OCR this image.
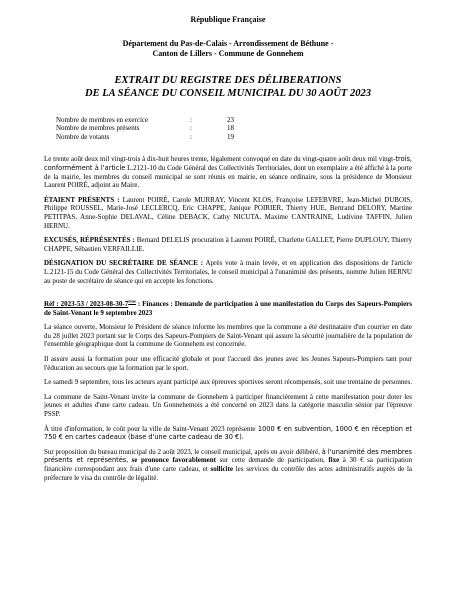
République Française
Département du Pas-de-Calais - Arrondissement de Béthune -
Canton de Lillers - Commune de Gonnehem
EXTRAIT DU REGISTRE DES DÉLIBERATIONS
DE LA SÉANCE DU CONSEIL MUNICIPAL DU 30 AOÛT 2023
Nombre de membres en exercice	:	23
Nombre de membres présents	:	18
Nombre de votants	:	19

Le trente août deux mil vingt-trois à dix-huit heures trente, légalement convoqué en date du vingt-quatre août deux mil vingt-trois, conformément à l'article L.2121-10 du Code Général des Collectivités Territoriales, dont un exemplaire a été affiché à la porte de la mairie, les membres du conseil municipal se sont réunis en mairie, en séance ordinaire, sous la présidence de Monsieur Laurent POIRÉ, adjoint au Maire.

ÉTAIENT PRÉSENTS : Laurent POIRÉ, Carole MURRAY, Vincent KLOS, Françoise LEFEBVRE, Jean-Michel DUBOIS, Philippe ROUSSEL, Marie-José LECLERCQ, Eric CHAPPE, Janique POIRIER, Thierry HUE, Bertrand DELORY, Martine PETITPAS, Anne-Sophie DELAVAL, Céline DEBACK, Cathy NICUTA, Maxime CANTRAINE, Ludivine TAFFIN, Julien HERNU.

EXCUSÉS, RÉPRÉSENTÉS : Bernard DELELIS procuration à Laurent POIRÉ, Charlette GALLET, Pierre DUPLOUY, Thierry CHAPPE, Sébastien VERFAILLIE.

DÉSIGNATION DU SECRÉTAIRE DE SÉANCE : Après vote à main levée, et en application des dispositions de l'article L.2121-15 du Code Général des Collectivités Territoriales, le conseil municipal à l'unanimité des présents, nomme Julien HERNU au poste de secrétaire de séance qui en accepte les fonctions.

Réf : 2023-53 / 2023-08-30-7ème : Finances : Demande de participation à une manifestation du Corps des Sapeurs-Pompiers de Saint-Venant le 9 septembre 2023

La séance ouverte, Monsieur le Président de séance informe les membres que la commune a été destinataire d'un courrier en date du 28 juillet 2023 portant sur le Corps des Sapeurs-Pompiers de Saint-Venant qui assure la sécurité journalière de la population de l'ensemble géographique dont la commune de Gonnehem est concernée.

Il assure aussi la formation pour une efficacité globale et pour l'accueil des jeunes avec les Jeunes Sapeurs-Pompiers tant pour l'éducation au secours que la formation par le sport.

Le samedi 9 septembre, tous les acteurs ayant participé aux épreuves sportives seront récompensés, soit une trentaine de personnes.

La commune de Saint-Venant invite la commune de Gonnehem à participer financièrement à cette manifestation pour doter les jeunes et adultes d'une carte cadeau. Un Gonnehemois a été concerné en 2023 dans la catégorie masculin sénior par l'épreuve PSSP.

À titre d'information, le coût pour la ville de Saint-Venant 2023 représente 1000 € en subvention, 1000 € en réception et 750 € en cartes cadeaux (base d'une carte cadeau de 30 €).

Sur proposition du bureau municipal du 2 août 2023, le conseil municipal, après en avoir délibéré, à l'unanimité des membres présents et représentés, se prononce favorablement sur cette demande de participation, fixe à 30 € sa participation financière correspondant aux frais d'une carte cadeau, et sollicite les services du contrôle des actes administratifs auprès de la préfecture le visa du contrôle de légalité.
